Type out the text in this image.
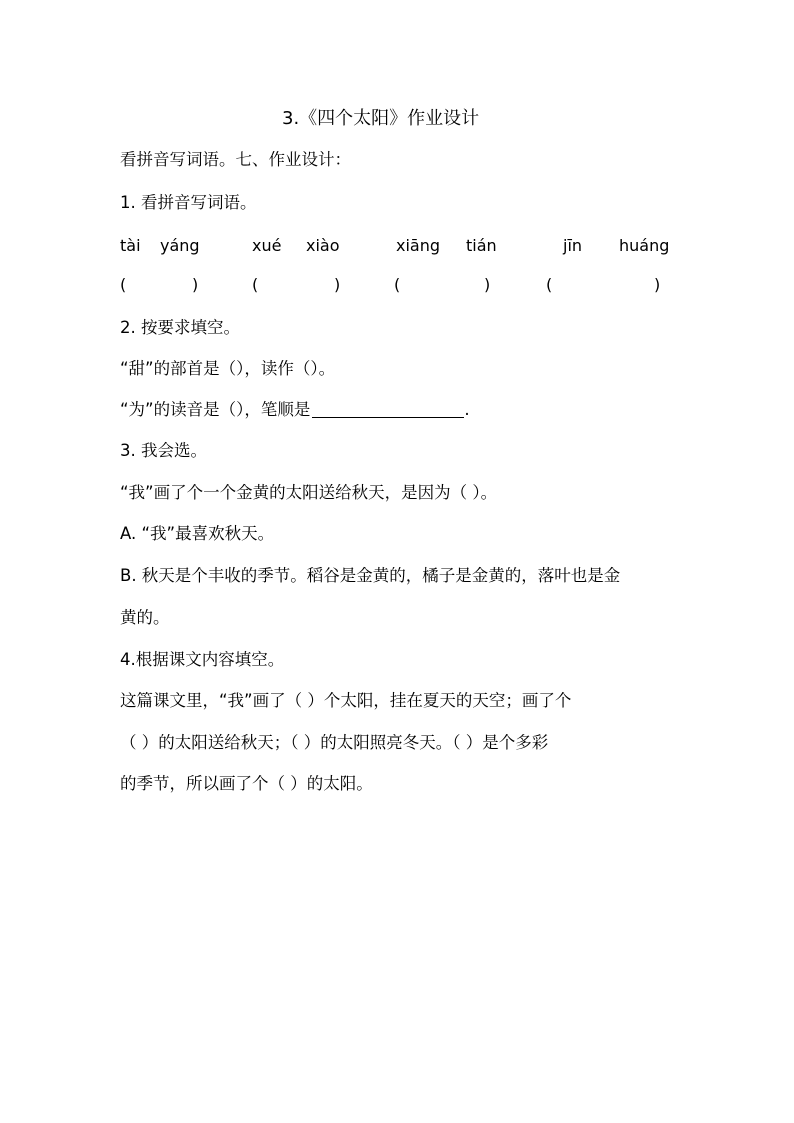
3.《四个太阳》作业设计
看拼音写词语。七、作业设计：
1. 看拼音写词语。
tài yáng	xué xiào	xiāng tián	jīn huáng
(	)	(	)	(	)	(	)
2. 按要求填空。
“甜”的部首是（），读作（）。
“为”的读音是（），笔顺是	.
3. 我会选。
“我”画了个一个金黄的太阳送给秋天，是因为（ ）。
A. “我”最喜欢秋天。
B. 秋天是个丰收的季节。稻谷是金黄的，橘子是金黄的，落叶也是金
黄的。
4.根据课文内容填空。
这篇课文里，“我”画了（ ）个太阳，挂在夏天的天空；画了个
（ ）的太阳送给秋天；（ ）的太阳照亮冬天。（ ）是个多彩
的季节，所以画了个（ ）的太阳。
